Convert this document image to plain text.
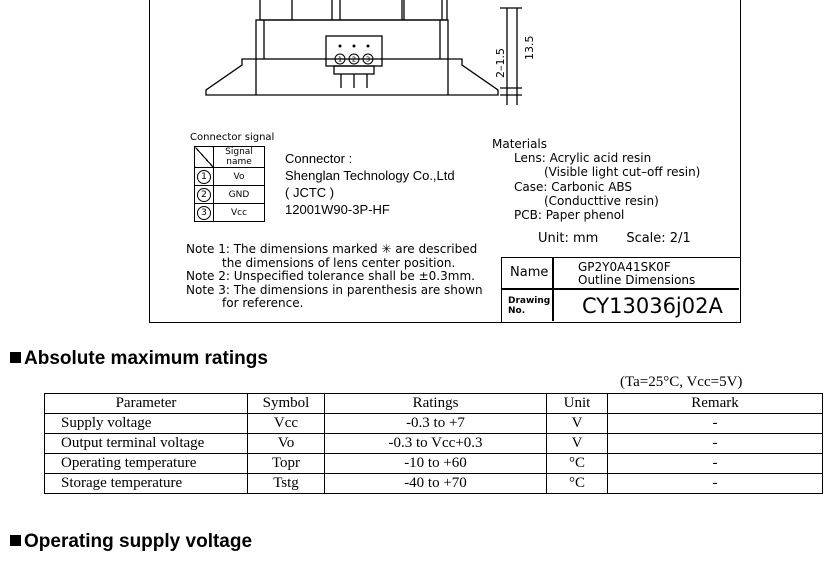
1 2 3	2–1.5
13.5
Connector signal
	Signal name
1	Vo
2	GND
3	Vcc
Connector :
Shenglan Technology Co.,Ltd
( JCTC )
12001W90-3P-HF
Materials
Lens: Acrylic acid resin
(Visible light cut–off resin)
Case: Carbonic ABS
(Conducttive resin)
PCB: Paper phenol
Unit: mm Scale: 2/1
Note 1: The dimensions marked ✳ are described
the dimensions of lens center position.
Note 2: Unspecified tolerance shall be ±0.3mm.
Note 3: The dimensions in parenthesis are shown
for reference.
Name
Drawing
No.
GP2Y0A41SK0F
Outline Dimensions
CY13036j02A
Absolute maximum ratings
(Ta=25°C, Vcc=5V)
Parameter	Symbol	Ratings	Unit	Remark
Supply voltage	Vcc	-0.3 to +7	V	-
Output terminal voltage	Vo	-0.3 to Vcc+0.3	V	-
Operating temperature	Topr	-10 to +60	°C	-
Storage temperature	Tstg	-40 to +70	°C	-
Operating supply voltage
